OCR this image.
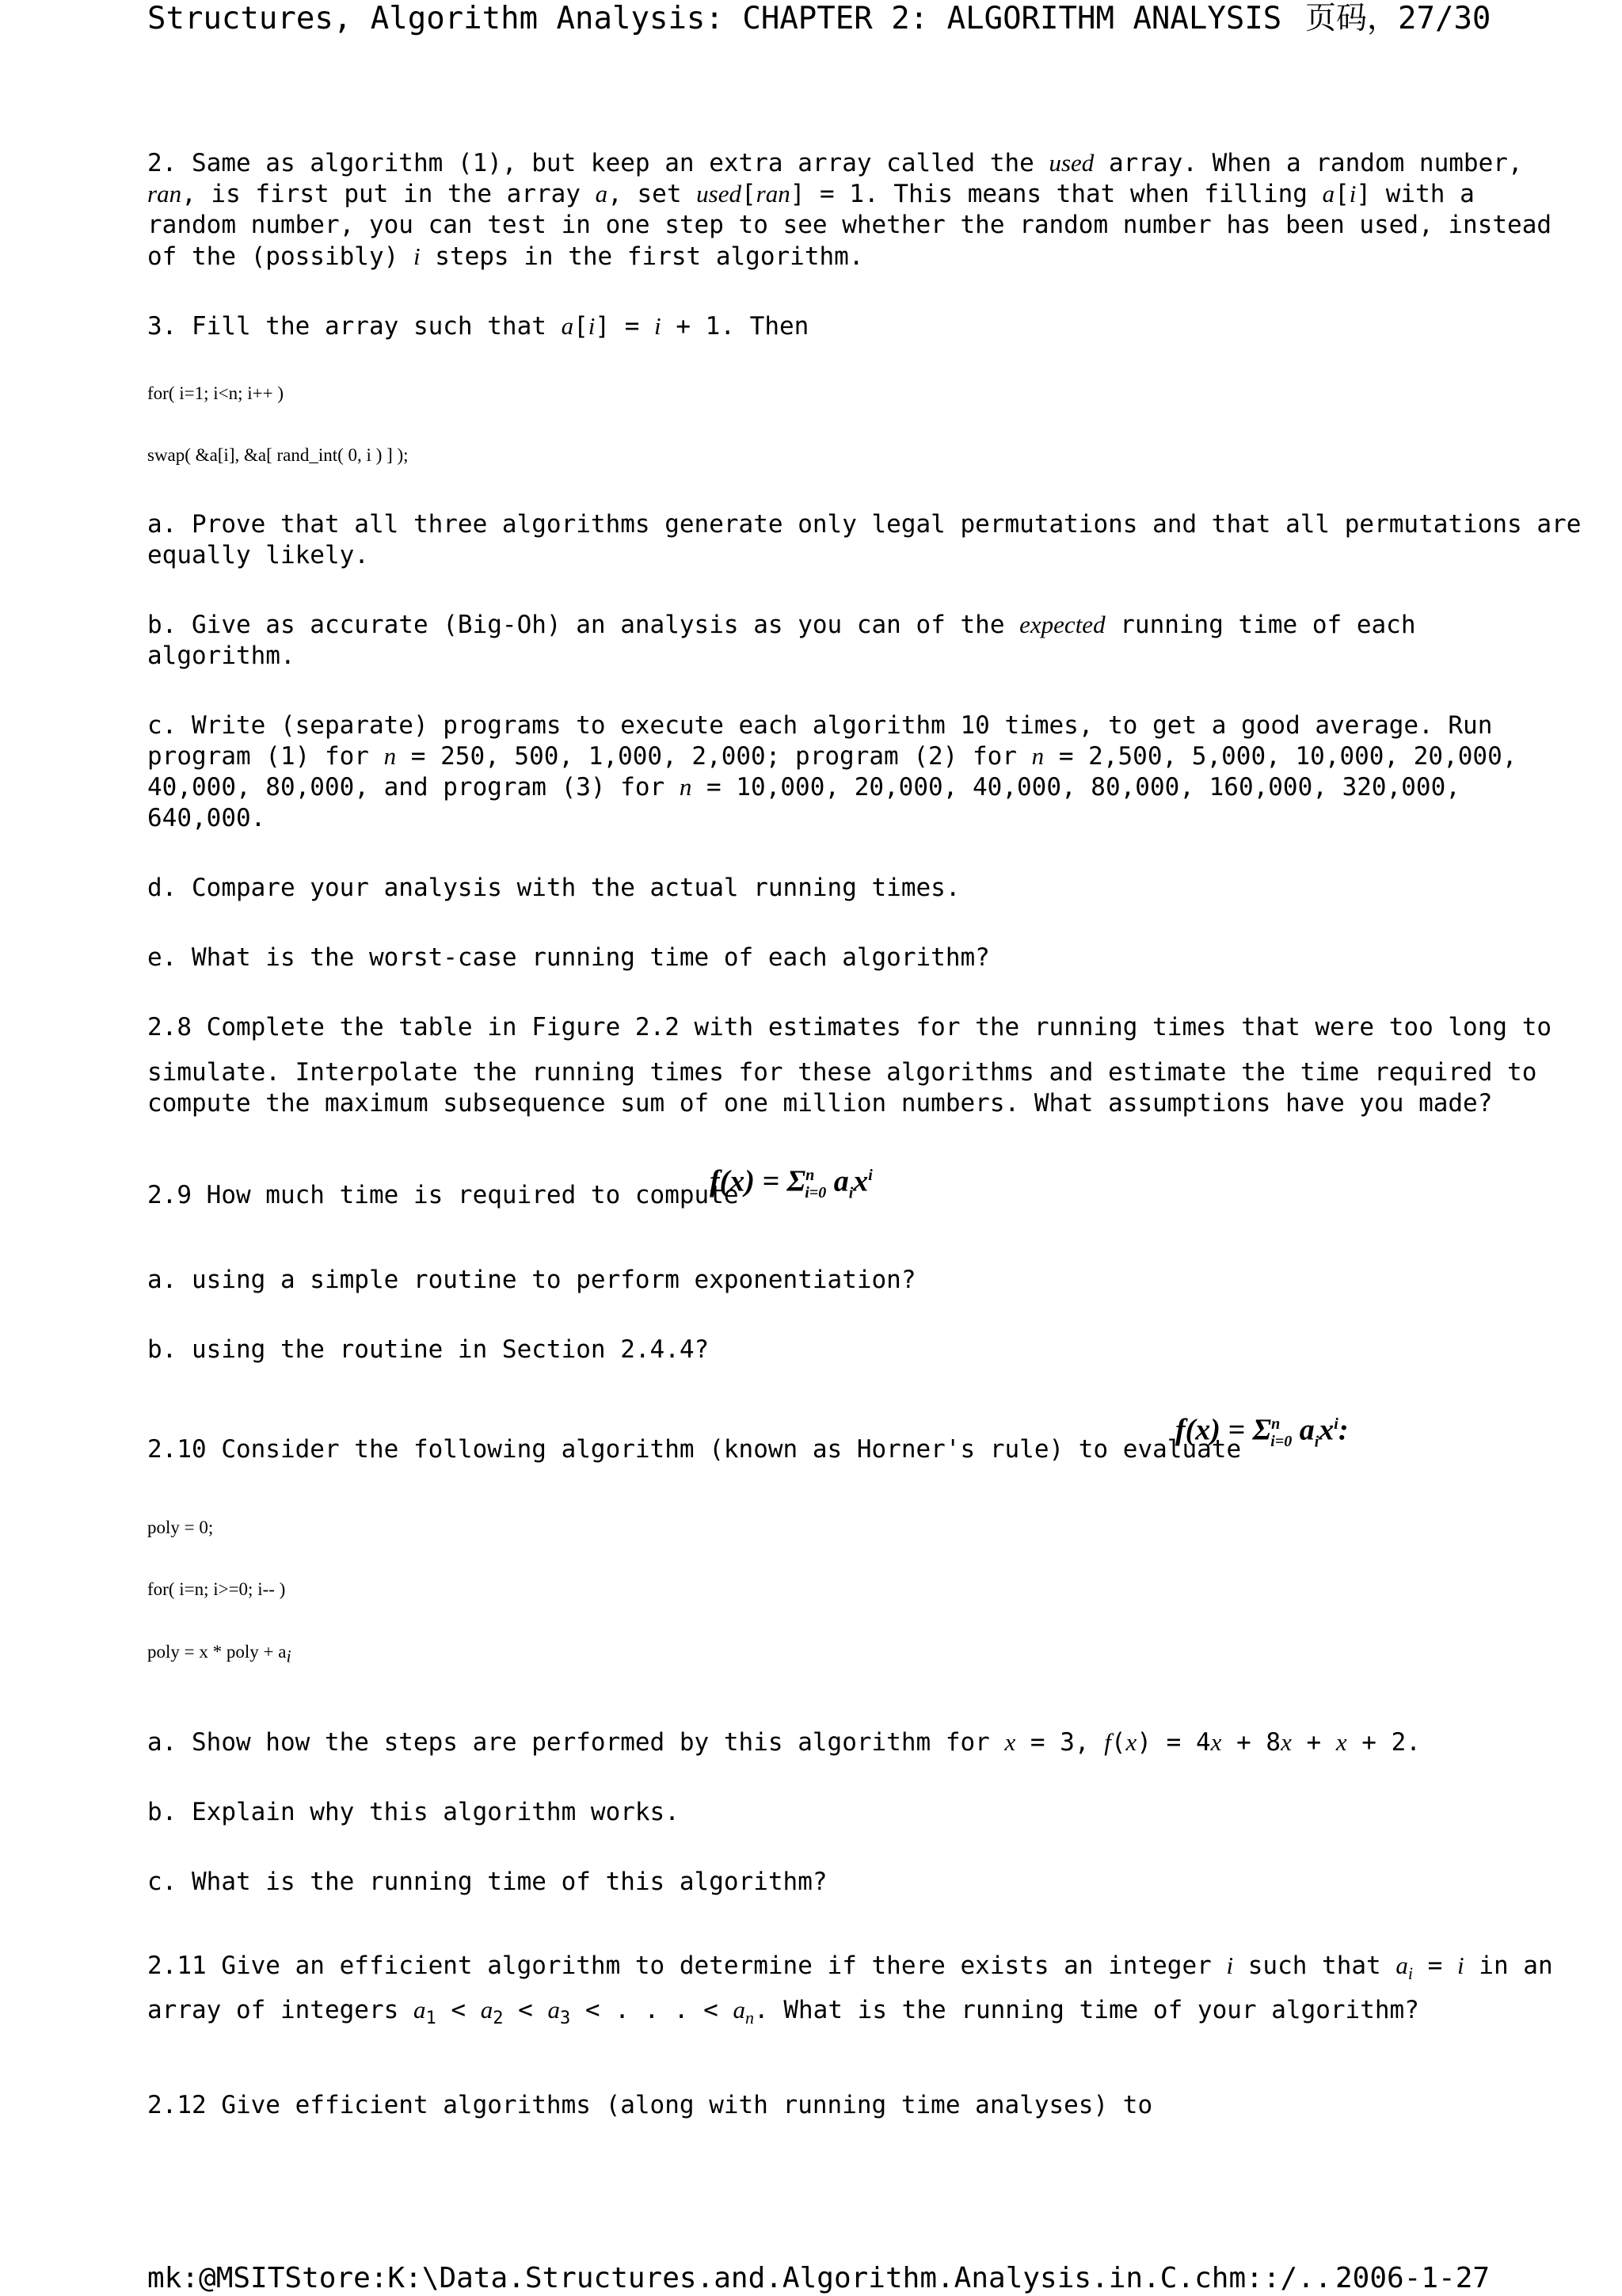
Structures, Algorithm Analysis: CHAPTER 2: ALGORITHM ANALYSIS 页码，27/30
2. Same as algorithm (1), but keep an extra array called the used array. When a random number,
ran, is first put in the array a, set used[ran] = 1. This means that when filling a[i] with a
random number, you can test in one step to see whether the random number has been used, instead
of the (possibly) i steps in the first algorithm.
3. Fill the array such that a[i] = i + 1. Then
for( i=1; i<n; i++ )
swap( &a[i], &a[ rand_int( 0, i ) ] );
a. Prove that all three algorithms generate only legal permutations and that all permutations are
equally likely.
b. Give as accurate (Big-Oh) an analysis as you can of the expected running time of each
algorithm.
c. Write (separate) programs to execute each algorithm 10 times, to get a good average. Run
program (1) for n = 250, 500, 1,000, 2,000; program (2) for n = 2,500, 5,000, 10,000, 20,000,
40,000, 80,000, and program (3) for n = 10,000, 20,000, 40,000, 80,000, 160,000, 320,000,
640,000.
d. Compare your analysis with the actual running times.
e. What is the worst-case running time of each algorithm?
2.8 Complete the table in Figure 2.2 with estimates for the running times that were too long to
simulate. Interpolate the running times for these algorithms and estimate the time required to
compute the maximum subsequence sum of one million numbers. What assumptions have you made?
2.9 How much time is required to compute
$f(x) = \Sigma^n_{i=0}$ $a_ix^i$
a. using a simple routine to perform exponentiation?
b. using the routine in Section 2.4.4?
2.10 Consider the following algorithm (known as Horner's rule) to evaluate
$f(x) = \Sigma^n_{i=0}$ $a_ix^i$:
poly = 0;
for( i=n; i>=0; i-- )
poly = x * poly + $a_i$
a. Show how the steps are performed by this algorithm for x = 3, f(x) = 4x + 8x + x + 2.
b. Explain why this algorithm works.
c. What is the running time of this algorithm?
2.11 Give an efficient algorithm to determine if there exists an integer i such that $a_i = i$ in an
array of integers $a_1 < a_2 < a_3$ < . . . < $a_n$. What is the running time of your algorithm?
2.12 Give efficient algorithms (along with running time analyses) to
mk:@MSITStore:K:\Data.Structures.and.Algorithm.Analysis.in.C.chm::/...
2006-1-27
